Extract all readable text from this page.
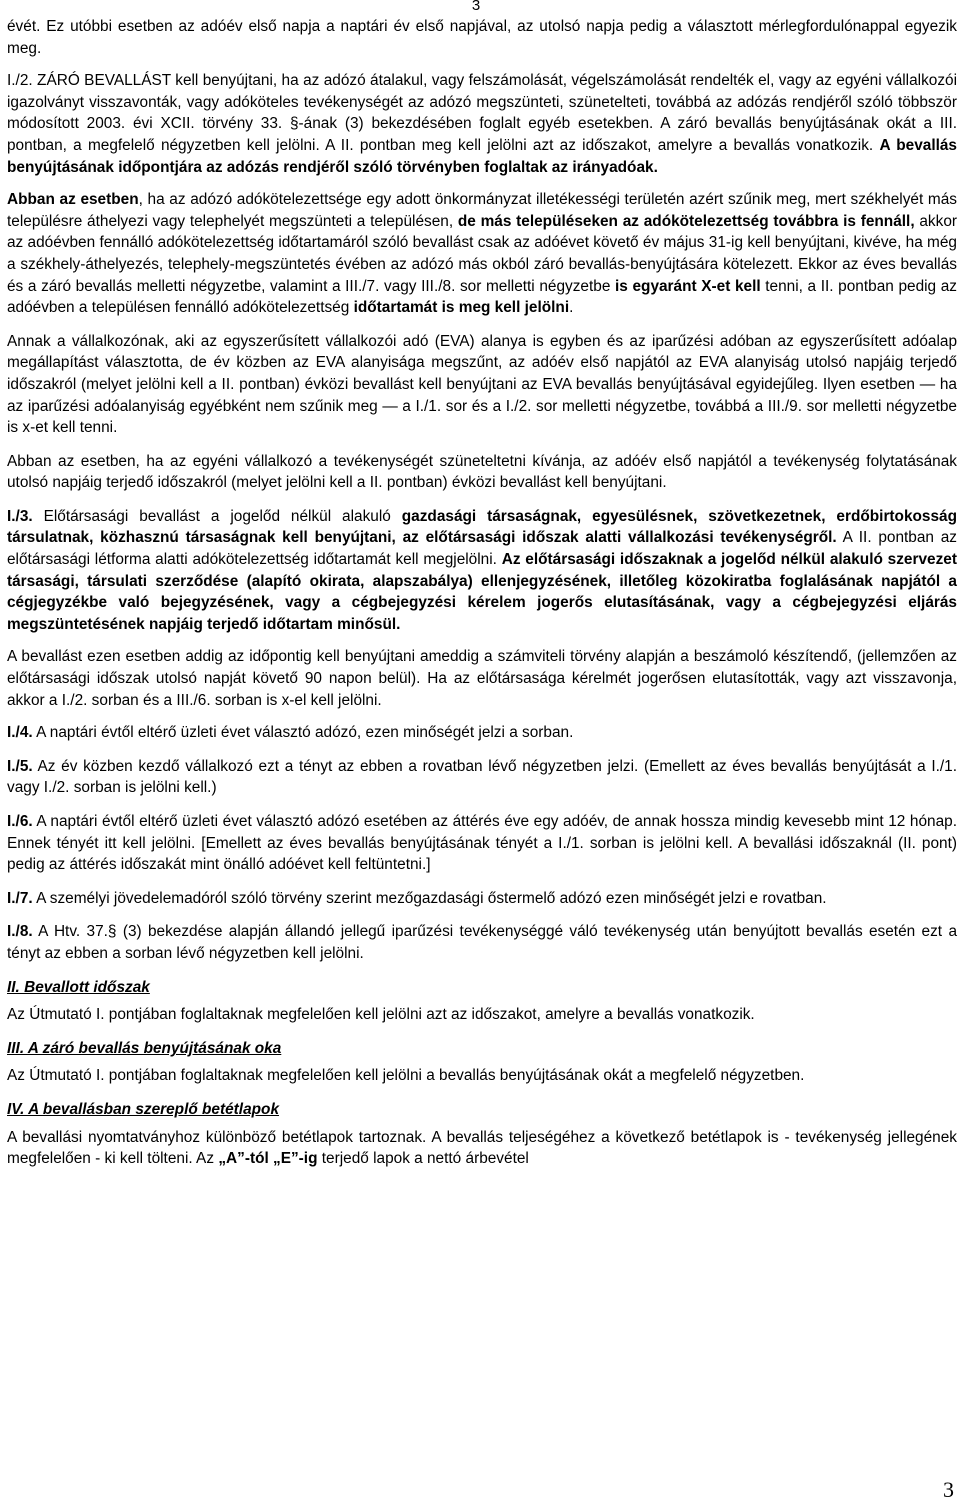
3

évét. Ez utóbbi esetben az adóév első napja a naptári év első napjával, az utolsó napja pedig a választott mérlegfordulónappal egyezik meg.

I./2. ZÁRÓ BEVALLÁST kell benyújtani, ha az adózó átalakul, vagy felszámolását, végelszámolását rendelték el, vagy az egyéni vállalkozói igazolványt visszavonták, vagy adóköteles tevékenységét az adózó megszünteti, szünetelteti, továbbá az adózás rendjéről szóló többször módosított 2003. évi XCII. törvény 33. §-ának (3) bekezdésében foglalt egyéb esetekben. A záró bevallás benyújtásának okát a III. pontban, a megfelelő négyzetben kell jelölni. A II. pontban meg kell jelölni azt az időszakot, amelyre a bevallás vonatkozik. A bevallás benyújtásának időpontjára az adózás rendjéről szóló törvényben foglaltak az irányadóak.

Abban az esetben, ha az adózó adókötelezettsége egy adott önkormányzat illetékességi területén azért szűnik meg, mert székhelyét más településre áthelyezi vagy telephelyét megszünteti a településen, de más településeken az adókötelezettség továbbra is fennáll, akkor az adóévben fennálló adókötelezettség időtartamáról szóló bevallást csak az adóévet követő év május 31-ig kell benyújtani, kivéve, ha még a székhely-áthelyezés, telephely-megszüntetés évében az adózó más okból záró bevallás-benyújtására kötelezett. Ekkor az éves bevallás és a záró bevallás melletti négyzetbe, valamint a III./7. vagy III./8. sor melletti négyzetbe is egyaránt X-et kell tenni, a II. pontban pedig az adóévben a településen fennálló adókötelezettség időtartamát is meg kell jelölni.

Annak a vállalkozónak, aki az egyszerűsített vállalkozói adó (EVA) alanya is egyben és az iparűzési adóban az egyszerűsített adóalap megállapítást választotta, de év közben az EVA alanyisága megszűnt, az adóév első napjától az EVA alanyiság utolsó napjáig terjedő időszakról (melyet jelölni kell a II. pontban) évközi bevallást kell benyújtani az EVA bevallás benyújtásával egyidejűleg. Ilyen esetben — ha az iparűzési adóalanyiság egyébként nem szűnik meg — a I./1. sor és a I./2. sor melletti négyzetbe, továbbá a III./9. sor melletti négyzetbe is x-et kell tenni.

Abban az esetben, ha az egyéni vállalkozó a tevékenységét szüneteltetni kívánja, az adóév első napjától a tevékenység folytatásának utolsó napjáig terjedő időszakról (melyet jelölni kell a II. pontban) évközi bevallást kell benyújtani.

I./3. Előtársasági bevallást a jogelőd nélkül alakuló gazdasági társaságnak, egyesülésnek, szövetkezetnek, erdőbirtokosság társulatnak, közhasznú társaságnak kell benyújtani, az előtársasági időszak alatti vállalkozási tevékenységről. A II. pontban az előtársasági létforma alatti adókötelezettség időtartamát kell megjelölni. Az előtársasági időszaknak a jogelőd nélkül alakuló szervezet társasági, társulati szerződése (alapító okirata, alapszabálya) ellenjegyzésének, illetőleg közokiratba foglalásának napjától a cégjegyzékbe való bejegyzésének, vagy a cégbejegyzési kérelem jogerős elutasításának, vagy a cégbejegyzési eljárás megszüntetésének napjáig terjedő időtartam minősül.

A bevallást ezen esetben addig az időpontig kell benyújtani ameddig a számviteli törvény alapján a beszámoló készítendő, (jellemzően az előtársasági időszak utolsó napját követő 90 napon belül). Ha az előtársasága kérelmét jogerősen elutasították, vagy azt visszavonja, akkor a I./2. sorban és a III./6. sorban is x-el kell jelölni.

I./4. A naptári évtől eltérő üzleti évet választó adózó, ezen minőségét jelzi a sorban.

I./5. Az év közben kezdő vállalkozó ezt a tényt az ebben a rovatban lévő négyzetben jelzi. (Emellett az éves bevallás benyújtását a I./1. vagy I./2. sorban is jelölni kell.)

I./6. A naptári évtől eltérő üzleti évet választó adózó esetében az áttérés éve egy adóév, de annak hossza mindig kevesebb mint 12 hónap. Ennek tényét itt kell jelölni. [Emellett az éves bevallás benyújtásának tényét a I./1. sorban is jelölni kell. A bevallási időszaknál (II. pont) pedig az áttérés időszakát mint önálló adóévet kell feltüntetni.]

I./7. A személyi jövedelemadóról szóló törvény szerint mezőgazdasági őstermelő adózó ezen minőségét jelzi e rovatban.

I./8. A Htv. 37.§ (3) bekezdése alapján állandó jellegű iparűzési tevékenységgé váló tevékenység után benyújtott bevallás esetén ezt a tényt az ebben a sorban lévő négyzetben kell jelölni.

II. Bevallott időszak

Az Útmutató I. pontjában foglaltaknak megfelelően kell jelölni azt az időszakot, amelyre a bevallás vonatkozik.

III. A záró bevallás benyújtásának oka

Az Útmutató I. pontjában foglaltaknak megfelelően kell jelölni a bevallás benyújtásának okát a megfelelő négyzetben.

IV. A bevallásban szereplő betétlapok

A bevallási nyomtatványhoz különböző betétlapok tartoznak. A bevallás teljeségéhez a következő betétlapok is - tevékenység jellegének megfelelően - ki kell tölteni. Az „A”-tól „E”-ig terjedő lapok a nettó árbevétel

3
